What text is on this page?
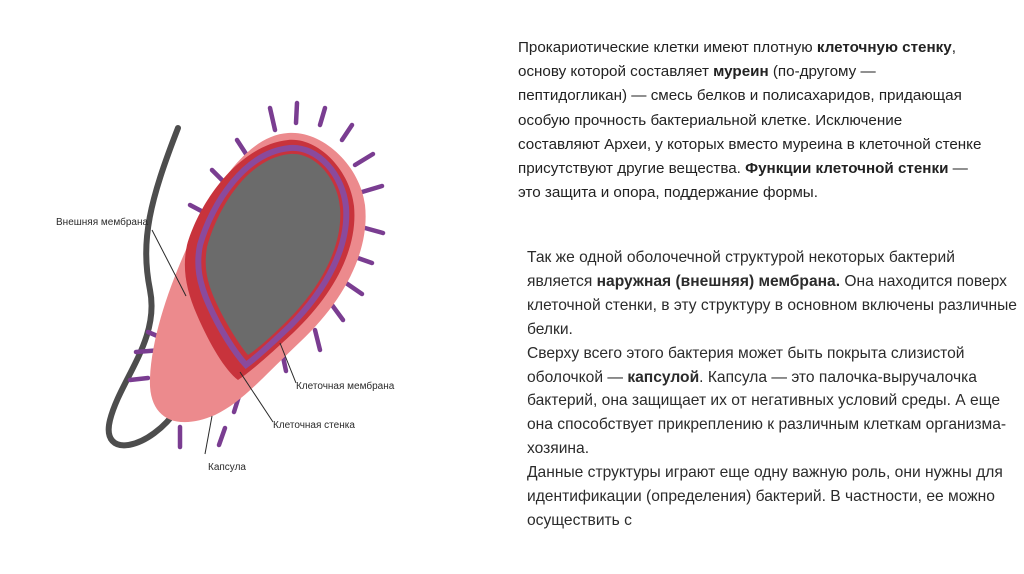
Внешняя мембрана
Клеточная мембрана
Клеточная стенка
Капсула

Прокариотические клетки имеют плотную клеточную стенку, основу которой составляет муреин (по-другому — пептидогликан) — смесь белков и полисахаридов, придающая особую прочность бактериальной клетке. Исключение составляют Археи, у которых вместо муреина в клеточной стенке присутствуют другие вещества. Функции клеточной стенки — это защита и опора, поддержание формы.

Так же одной оболочечной структурой некоторых бактерий является наружная (внешняя) мембрана. Она находится поверх клеточной стенки, в эту структуру в основном включены различные белки.

Сверху всего этого бактерия может быть покрыта слизистой оболочкой — капсулой. Капсула — это палочка-выручалочка бактерий, она защищает их от негативных условий среды. А еще она способствует прикреплению к различным клеткам организма-хозяина.

Данные структуры играют еще одну важную роль, они нужны для идентификации (определения) бактерий. В частности, ее можно осуществить с
